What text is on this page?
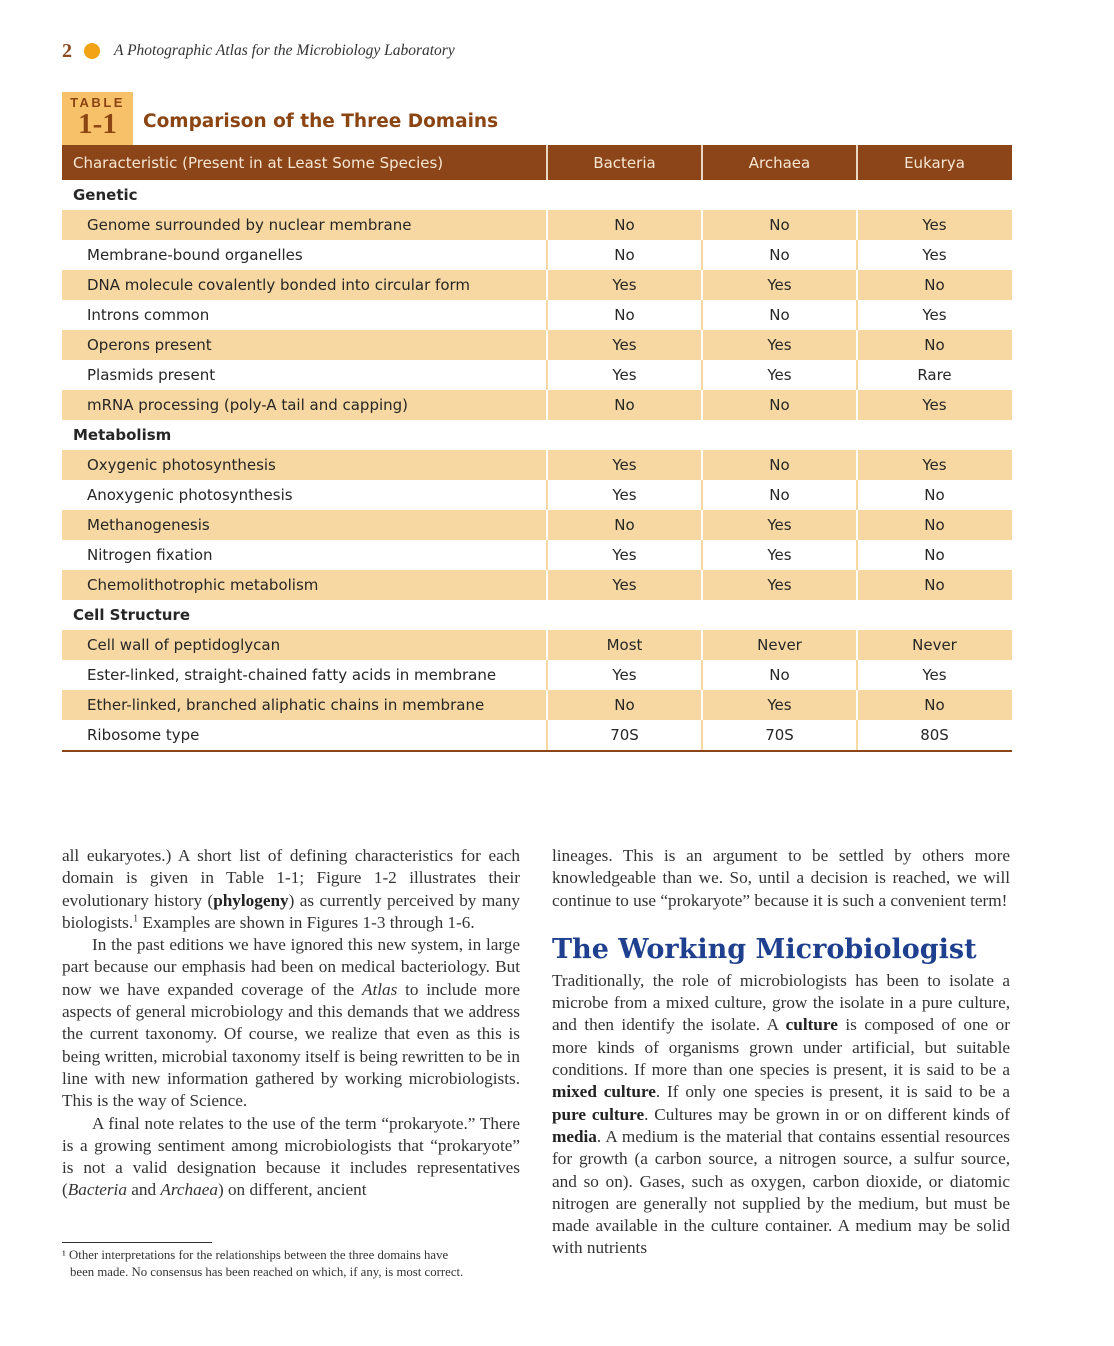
2	A Photographic Atlas for the Microbiology Laboratory
TABLE
1-1	Comparison of the Three Domains
Characteristic (Present in at Least Some Species)	Bacteria	Archaea	Eukarya
Genetic
Genome surrounded by nuclear membrane	No	No	Yes
Membrane-bound organelles	No	No	Yes
DNA molecule covalently bonded into circular form	Yes	Yes	No
Introns common	No	No	Yes
Operons present	Yes	Yes	No
Plasmids present	Yes	Yes	Rare
mRNA processing (poly-A tail and capping)	No	No	Yes
Metabolism
Oxygenic photosynthesis	Yes	No	Yes
Anoxygenic photosynthesis	Yes	No	No
Methanogenesis	No	Yes	No
Nitrogen fixation	Yes	Yes	No
Chemolithotrophic metabolism	Yes	Yes	No
Cell Structure
Cell wall of peptidoglycan	Most	Never	Never
Ester-linked, straight-chained fatty acids in membrane	Yes	No	Yes
Ether-linked, branched aliphatic chains in membrane	No	Yes	No
Ribosome type	70S	70S	80S

all eukaryotes.) A short list of defining characteristics for each domain is given in Table 1-1; Figure 1-2 illustrates their evolutionary history (phylogeny) as currently perceived by many biologists.$^1$ Examples are shown in Figures 1-3 through 1-6.

In the past editions we have ignored this new system, in large part because our emphasis had been on medical bacteriology. But now we have expanded coverage of the Atlas to include more aspects of general microbiology and this demands that we address the current taxonomy. Of course, we realize that even as this is being written, microbial taxonomy itself is being rewritten to be in line with new information gathered by working microbiologists. This is the way of Science.

A final note relates to the use of the term “prokaryote.” There is a growing sentiment among microbiologists that “prokaryote” is not a valid designation because it includes representatives (Bacteria and Archaea) on different, ancient

¹ Other interpretations for the relationships between the three domains have
been made. No consensus has been reached on which, if any, is most correct.

lineages. This is an argument to be settled by others more knowledgeable than we. So, until a decision is reached, we will continue to use “prokaryote” because it is such a convenient term!

The Working Microbiologist

Traditionally, the role of microbiologists has been to isolate a microbe from a mixed culture, grow the isolate in a pure culture, and then identify the isolate. A culture is composed of one or more kinds of organisms grown under artificial, but suitable conditions. If more than one species is present, it is said to be a mixed culture. If only one species is present, it is said to be a pure culture. Cultures may be grown in or on different kinds of media. A medium is the material that contains essential resources for growth (a carbon source, a nitrogen source, a sulfur source, and so on). Gases, such as oxygen, carbon dioxide, or diatomic nitrogen are generally not supplied by the medium, but must be made available in the culture container. A medium may be solid with nutrients
